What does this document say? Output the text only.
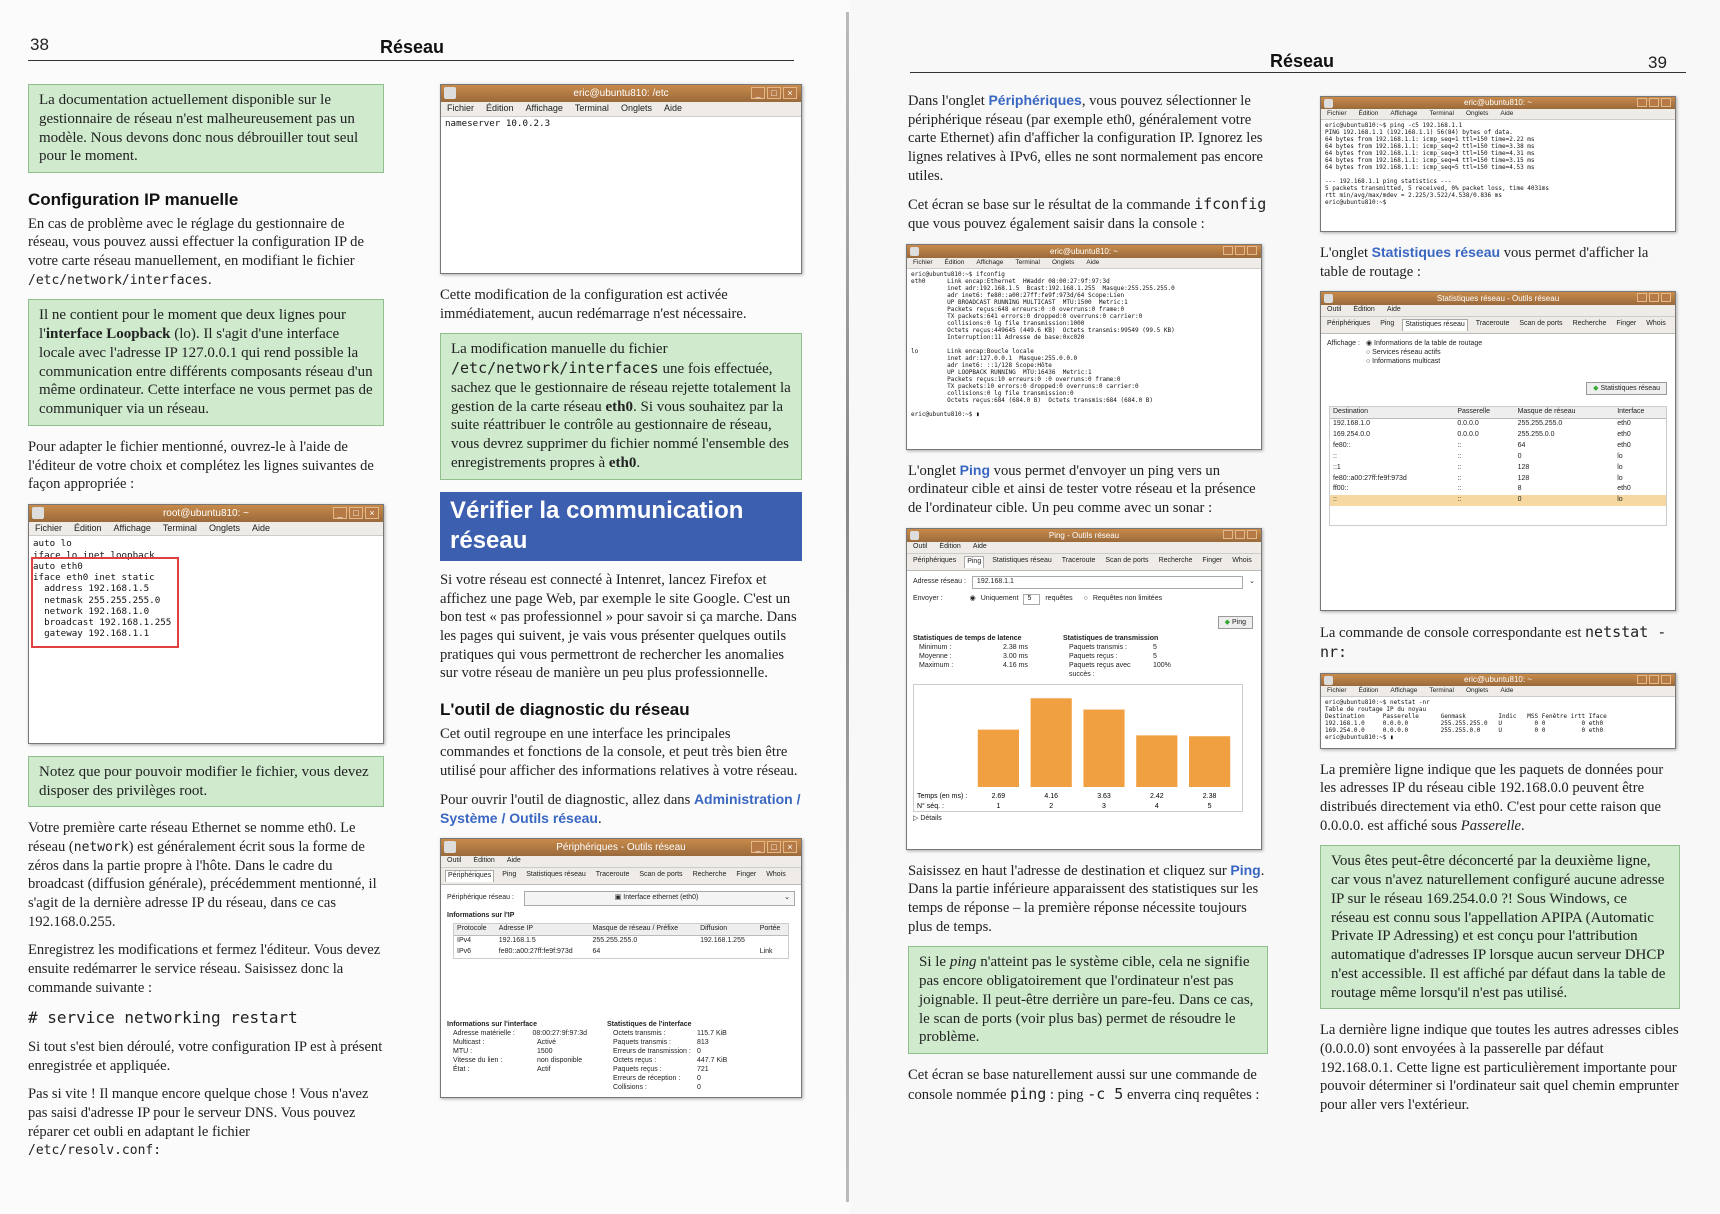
38	Réseau
La documentation actuellement disponible sur le gestionnaire de réseau n'est malheureusement pas un modèle. Nous devons donc nous débrouiller tout seul pour le moment.
Configuration IP manuelle

En cas de problème avec le réglage du gestionnaire de réseau, vous pouvez aussi effectuer la configuration IP de votre carte réseau manuellement, en modifiant le fichier /etc/network/interfaces.

Il ne contient pour le moment que deux lignes pour l'interface Loopback (lo). Il s'agit d'une interface locale avec l'adresse IP 127.0.0.1 qui rend possible la communication entre différents composants réseau d'un même ordinateur. Cette interface ne vous permet pas de communiquer via un réseau.

Pour adapter le fichier mentionné, ouvrez-le à l'aide de l'éditeur de votre choix et complétez les lignes suivantes de façon appropriée :

root@ubuntu810: ~	_	□	×
Fichier Édition Affichage Terminal Onglets Aide
auto lo
iface lo inet loopback
auto eth0
iface eth0 inet static
address 192.168.1.5
netmask 255.255.255.0
network 192.168.1.0
broadcast 192.168.1.255
gateway 192.168.1.1
Notez que pour pouvoir modifier le fichier, vous devez disposer des privilèges root.

Votre première carte réseau Ethernet se nomme eth0. Le réseau (network) est généralement écrit sous la forme de zéros dans la partie propre à l'hôte. Dans le cadre du broadcast (diffusion générale), précédemment mentionné, il s'agit de la dernière adresse IP du réseau, dans ce cas 192.168.0.255.

Enregistrez les modifications et fermez l'éditeur. Vous devez ensuite redémarrer le service réseau. Saisissez donc la commande suivante :

# service networking restart

Si tout s'est bien déroulé, votre configuration IP est à présent enregistrée et appliquée.

Pas si vite ! Il manque encore quelque chose ! Vous n'avez pas saisi d'adresse IP pour le serveur DNS. Vous pouvez réparer cet oubli en adaptant le fichier /etc/resolv.conf:

eric@ubuntu810: /etc	_	□	×
Fichier Édition Affichage Terminal Onglets Aide
nameserver 10.0.2.3

Cette modification de la configuration est activée immédiatement, aucun redémarrage n'est nécessaire.

La modification manuelle du fichier /etc/network/interfaces une fois effectuée, sachez que le gestionnaire de réseau rejette totalement la gestion de la carte réseau eth0. Si vous souhaitez par la suite réattribuer le contrôle au gestionnaire de réseau, vous devrez supprimer du fichier nommé l'ensemble des enregistrements propres à eth0.
Vérifier la communication réseau

Si votre réseau est connecté à Intenret, lancez Firefox et affichez une page Web, par exemple le site Google. C'est un bon test « pas professionnel » pour savoir si ça marche. Dans les pages qui suivent, je vais vous présenter quelques outils pratiques qui vous permettront de rechercher les anomalies sur votre réseau de manière un peu plus professionnelle.

L'outil de diagnostic du réseau

Cet outil regroupe en une interface les principales commandes et fonctions de la console, et peut très bien être utilisé pour afficher des informations relatives à votre réseau.

Pour ouvrir l'outil de diagnostic, allez dans Administration / Système / Outils réseau.

Périphériques - Outils réseau	_	□	×
Outil Édition Aide
Périphériques	Ping Statistiques réseau Traceroute Scan de ports Recherche Finger Whois
Périphérique réseau :	▣ Interface ethernet (eth0)	⌄
Informations sur l'IP
Protocole	Adresse IP	Masque de réseau / Préfixe	Diffusion	Portée
IPv4	192.168.1.5	255.255.255.0	192.168.1.255	
IPv6	fe80::a00:27ff:fe9f:973d	64		Link
Informations sur l'interface
Adresse matérielle :	08:00:27:9f:97:3d
Multicast :	Activé
MTU :	1500
Vitesse du lien :	non disponible
État :	Actif
Statistiques de l'interface
Octets transmis :	115.7 KiB
Paquets transmis :	813
Erreurs de transmission : 0
Octets reçus :	447.7 KiB
Paquets reçus :	721
Erreurs de réception :	0
Collisions :	0
Réseau	39

Dans l'onglet Périphériques, vous pouvez sélectionner le périphérique réseau (par exemple eth0, généralement votre carte Ethernet) afin d'afficher la configuration IP. Ignorez les lignes relatives à IPv6, elles ne sont normalement pas encore utiles.

Cet écran se base sur le résultat de la commande ifconfig que vous pouvez également saisir dans la console :

eric@ubuntu810: ~
Fichier Édition Affichage Terminal Onglets Aide
eric@ubuntu810:~$ ifconfig
eth0      Link encap:Ethernet  HWaddr 08:00:27:9f:97:3d
inet adr:192.168.1.5  Bcast:192.168.1.255  Masque:255.255.255.0
adr inet6: fe80::a00:27ff:fe9f:973d/64 Scope:Lien
UP BROADCAST RUNNING MULTICAST  MTU:1500  Metric:1
Packets reçus:648 erreurs:0 :0 overruns:0 frame:0
TX packets:641 errors:0 dropped:0 overruns:0 carrier:0
collisions:0 lg file transmission:1000
Octets reçus:449645 (449.6 KB)  Octets transmis:99549 (99.5 KB)
Interruption:11 Adresse de base:0xc020

lo        Link encap:Boucle locale
inet adr:127.0.0.1  Masque:255.0.0.0
adr inet6: ::1/128 Scope:Hôte
UP LOOPBACK RUNNING  MTU:16436  Metric:1
Packets reçus:10 erreurs:0 :0 overruns:0 frame:0
TX packets:10 errors:0 dropped:0 overruns:0 carrier:0
collisions:0 lg file transmission:0
Octets reçus:684 (684.0 B)  Octets transmis:684 (684.0 B)

eric@ubuntu810:~$ ▮

L'onglet Ping vous permet d'envoyer un ping vers un ordinateur cible et ainsi de tester votre réseau et la présence de l'ordinateur cible. Un peu comme avec un sonar :

Ping - Outils réseau
Outil Édition Aide
Périphériques	Ping	Statistiques réseau Traceroute Scan de ports Recherche Finger Whois
Adresse réseau :	192.168.1.1	⌄
Envoyer :	◉ Uniquement	5	requêtes ○ Requêtes non limitées
◆ Ping
Statistiques de temps de latence
Minimum :	2.38 ms
Moyenne :	3.00 ms
Maximum :	4.16 ms
Statistiques de transmission
Paquets transmis :	5
Paquets reçus :	5
Paquets reçus avec succès :
100%
2.69
1
4.16
2
3.63
3
2.42
4
2.38
5
Temps (en ms) :
N° séq. :
▷ Détails

Saisissez en haut l'adresse de destination et cliquez sur Ping. Dans la partie inférieure apparaissent des statistiques sur les temps de réponse – la première réponse nécessite toujours plus de temps.

Si le ping n'atteint pas le système cible, cela ne signifie pas encore obligatoirement que l'ordinateur n'est pas joignable. Il peut-être derrière un pare-feu. Dans ce cas, le scan de ports (voir plus bas) permet de résoudre le problème.

Cet écran se base naturellement aussi sur une commande de console nommée ping : ping -c 5 enverra cinq requêtes :

eric@ubuntu810: ~
Fichier Édition Affichage Terminal Onglets Aide
eric@ubuntu810:~$ ping -c5 192.168.1.1
PING 192.168.1.1 (192.168.1.1) 56(84) bytes of data.
64 bytes from 192.168.1.1: icmp_seq=1 ttl=150 time=2.22 ms
64 bytes from 192.168.1.1: icmp_seq=2 ttl=150 time=3.38 ms
64 bytes from 192.168.1.1: icmp_seq=3 ttl=150 time=4.31 ms
64 bytes from 192.168.1.1: icmp_seq=4 ttl=150 time=3.15 ms
64 bytes from 192.168.1.1: icmp_seq=5 ttl=150 time=4.53 ms

--- 192.168.1.1 ping statistics ---
5 packets transmitted, 5 received, 0% packet loss, time 4031ms
rtt min/avg/max/mdev = 2.225/3.522/4.538/0.836 ms
eric@ubuntu810:~$

L'onglet Statistiques réseau vous permet d'afficher la table de routage :

Statistiques réseau - Outils réseau
Outil Édition Aide
Périphériques Ping	Statistiques réseau	Traceroute Scan de ports Recherche Finger Whois
Affichage : ◉ Informations de la table de routage
○ Services réseau actifs
○ Informations multicast
◆ Statistiques réseau
Destination	Passerelle	Masque de réseau	Interface
192.168.1.0	0.0.0.0	255.255.255.0	eth0
169.254.0.0	0.0.0.0	255.255.0.0	eth0
fe80::	::	64	eth0
::	::	0	lo
::1	::	128	lo
fe80::a00:27ff:fe9f:973d	::	128	lo
ff00::	::	8	eth0
::	::	0	lo

La commande de console correspondante est netstat -nr:

eric@ubuntu810: ~
Fichier Édition Affichage Terminal Onglets Aide
eric@ubuntu810:~$ netstat -nr
Table de routage IP du noyau
Destination     Passerelle      Genmask         Indic   MSS Fenêtre irtt Iface
192.168.1.0     0.0.0.0         255.255.255.0   U         0 0          0 eth0
169.254.0.0     0.0.0.0         255.255.0.0     U         0 0          0 eth0
eric@ubuntu810:~$ ▮

La première ligne indique que les paquets de données pour les adresses IP du réseau cible 192.168.0.0 peuvent être distribués directement via eth0. C'est pour cette raison que 0.0.0.0. est affiché sous Passerelle.

Vous êtes peut-être déconcerté par la deuxième ligne, car vous n'avez naturellement configuré aucune adresse IP sur le réseau 169.254.0.0 ?! Sous Windows, ce réseau est connu sous l'appellation APIPA (Automatic Private IP Adressing) et est conçu pour l'attribution automatique d'adresses IP lorsque aucun serveur DHCP n'est accessible. Il est affiché par défaut dans la table de routage même lorsqu'il n'est pas utilisé.

La dernière ligne indique que toutes les autres adresses cibles (0.0.0.0) sont envoyées à la passerelle par défaut 192.168.0.1. Cette ligne est particulièrement importante pour pouvoir déterminer si l'ordinateur sait quel chemin emprunter pour aller vers l'extérieur.
